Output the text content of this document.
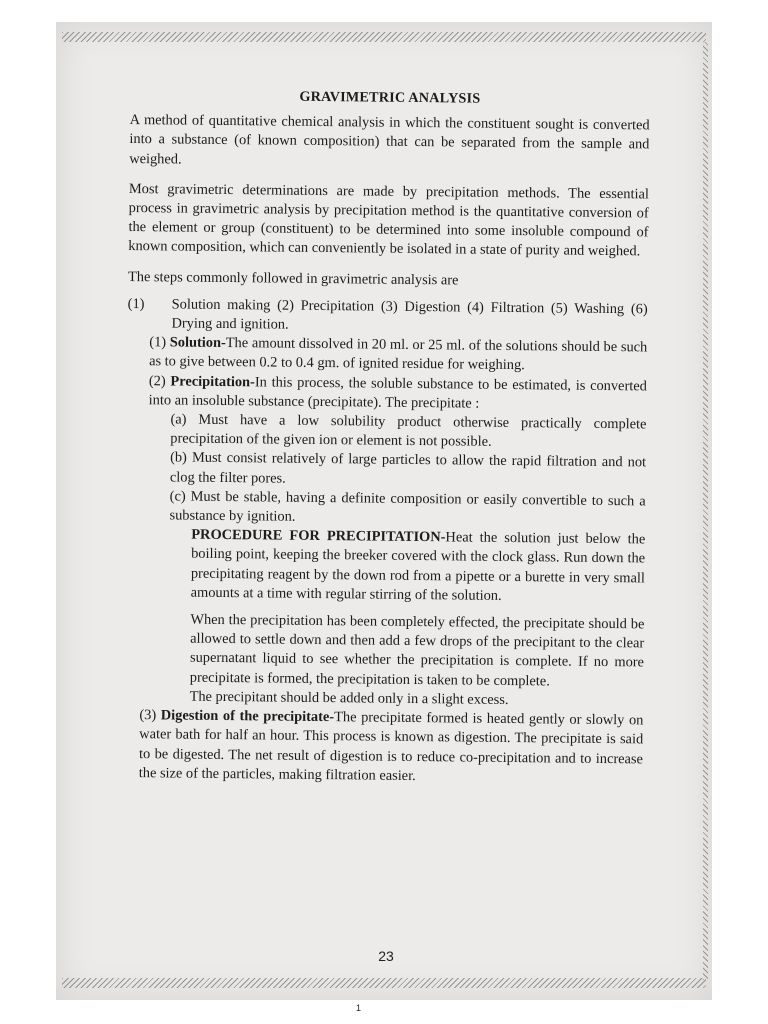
GRAVIMETRIC ANALYSIS

A method of quantitative chemical analysis in which the constituent sought is converted into a substance (of known composition) that can be separated from the sample and weighed.

Most gravimetric determinations are made by precipitation methods. The essential process in gravimetric analysis by precipitation method is the quantitative conversion of the element or group (constituent) to be determined into some insoluble compound of known composition, which can conveniently be isolated in a state of purity and weighed.

The steps commonly followed in gravimetric analysis are

(1)	Solution making (2) Precipitation (3) Digestion (4) Filtration (5) Washing (6) Drying and ignition.
(1) Solution-The amount dissolved in 20 ml. or 25 ml. of the solutions should be such as to give between 0.2 to 0.4 gm. of ignited residue for weighing.
(2) Precipitation-In this process, the soluble substance to be estimated, is converted into an insoluble substance (precipitate). The precipitate :
(a) Must have a low solubility product otherwise practically complete precipitation of the given ion or element is not possible.
(b) Must consist relatively of large particles to allow the rapid filtration and not clog the filter pores.
(c) Must be stable, having a definite composition or easily convertible to such a substance by ignition.
PROCEDURE FOR PRECIPITATION-Heat the solution just below the boiling point, keeping the breeker covered with the clock glass. Run down the precipitating reagent by the down rod from a pipette or a burette in very small amounts at a time with regular stirring of the solution.
When the precipitation has been completely effected, the precipitate should be allowed to settle down and then add a few drops of the precipitant to the clear supernatant liquid to see whether the precipitation is complete. If no more precipitate is formed, the precipitation is taken to be complete.
The precipitant should be added only in a slight excess.
(3) Digestion of the precipitate-The precipitate formed is heated gently or slowly on water bath for half an hour. This process is known as digestion. The precipitate is said to be digested. The net result of digestion is to reduce co-precipitation and to increase the size of the particles, making filtration easier.
23
1
